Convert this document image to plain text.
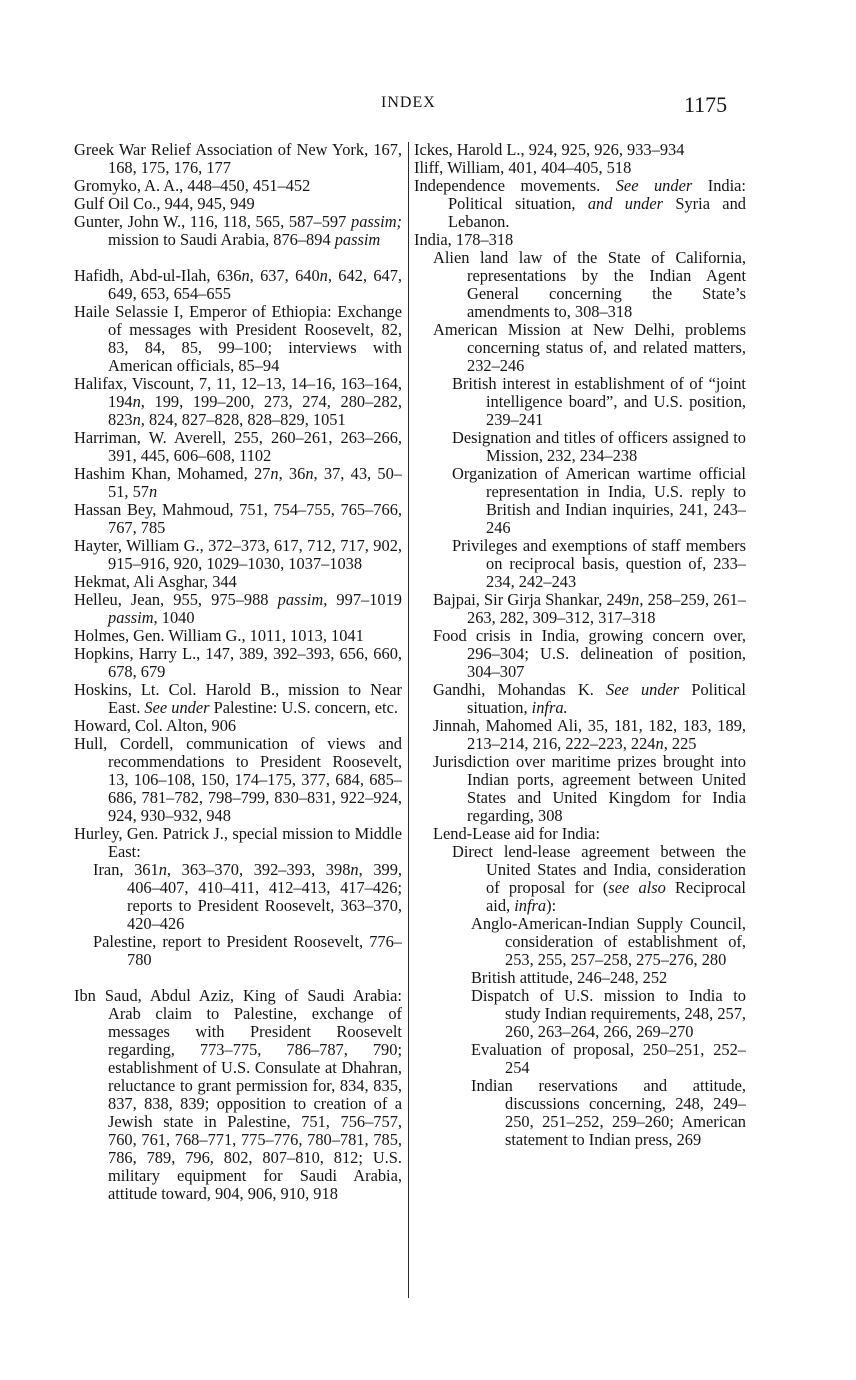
INDEX	1175

Greek War Relief Association of New York, 167, 168, 175, 176, 177

Gromyko, A. A., 448–450, 451–452

Gulf Oil Co., 944, 945, 949

Gunter, John W., 116, 118, 565, 587–597 passim; mission to Saudi Arabia, 876–894 passim

Hafidh, Abd-ul-Ilah, 636n, 637, 640n, 642, 647, 649, 653, 654–655

Haile Selassie I, Emperor of Ethiopia: Exchange of messages with President Roosevelt, 82, 83, 84, 85, 99–100; interviews with American officials, 85–94

Halifax, Viscount, 7, 11, 12–13, 14–16, 163–164, 194n, 199, 199–200, 273, 274, 280–282, 823n, 824, 827–828, 828–829, 1051

Harriman, W. Averell, 255, 260–261, 263–266, 391, 445, 606–608, 1102

Hashim Khan, Mohamed, 27n, 36n, 37, 43, 50–51, 57n

Hassan Bey, Mahmoud, 751, 754–755, 765–766, 767, 785

Hayter, William G., 372–373, 617, 712, 717, 902, 915–916, 920, 1029–1030, 1037–1038

Hekmat, Ali Asghar, 344

Helleu, Jean, 955, 975–988 passim, 997–1019 passim, 1040

Holmes, Gen. William G., 1011, 1013, 1041

Hopkins, Harry L., 147, 389, 392–393, 656, 660, 678, 679

Hoskins, Lt. Col. Harold B., mission to Near East. See under Palestine: U.S. concern, etc.

Howard, Col. Alton, 906

Hull, Cordell, communication of views and recommendations to President Roosevelt, 13, 106–108, 150, 174–175, 377, 684, 685–686, 781–782, 798–799, 830–831, 922–924, 924, 930–932, 948

Hurley, Gen. Patrick J., special mission to Middle East:

Iran, 361n, 363–370, 392–393, 398n, 399, 406–407, 410–411, 412–413, 417–426; reports to President Roosevelt, 363–370, 420–426

Palestine, report to President Roosevelt, 776–780

Ibn Saud, Abdul Aziz, King of Saudi Arabia: Arab claim to Palestine, exchange of messages with President Roosevelt regarding, 773–775, 786–787, 790; establishment of U.S. Consulate at Dhahran, reluctance to grant permission for, 834, 835, 837, 838, 839; opposition to creation of a Jewish state in Palestine, 751, 756–757, 760, 761, 768–771, 775–776, 780–781, 785, 786, 789, 796, 802, 807–810, 812; U.S. military equipment for Saudi Arabia, attitude toward, 904, 906, 910, 918

Ickes, Harold L., 924, 925, 926, 933–934

Iliff, William, 401, 404–405, 518

Independence movements. See under India: Political situation, and under Syria and Lebanon.

India, 178–318

Alien land law of the State of California, representations by the Indian Agent General concerning the State’s amendments to, 308–318

American Mission at New Delhi, problems concerning status of, and related matters, 232–246

British interest in establishment of of “joint intelligence board”, and U.S. position, 239–241

Designation and titles of officers assigned to Mission, 232, 234–238

Organization of American wartime official representation in India, U.S. reply to British and Indian inquiries, 241, 243–246

Privileges and exemptions of staff members on reciprocal basis, question of, 233–234, 242–243

Bajpai, Sir Girja Shankar, 249n, 258–259, 261–263, 282, 309–312, 317–318

Food crisis in India, growing concern over, 296–304; U.S. delineation of position, 304–307

Gandhi, Mohandas K. See under Political situation, infra.

Jinnah, Mahomed Ali, 35, 181, 182, 183, 189, 213–214, 216, 222–223, 224n, 225

Jurisdiction over maritime prizes brought into Indian ports, agreement between United States and United Kingdom for India regarding, 308

Lend-Lease aid for India:

Direct lend-lease agreement between the United States and India, consideration of proposal for (see also Reciprocal aid, infra):

Anglo-American-Indian Supply Council, consideration of establishment of, 253, 255, 257–258, 275–276, 280

British attitude, 246–248, 252

Dispatch of U.S. mission to India to study Indian requirements, 248, 257, 260, 263–264, 266, 269–270

Evaluation of proposal, 250–251, 252–254

Indian reservations and attitude, discussions concerning, 248, 249–250, 251–252, 259–260; American statement to Indian press, 269
